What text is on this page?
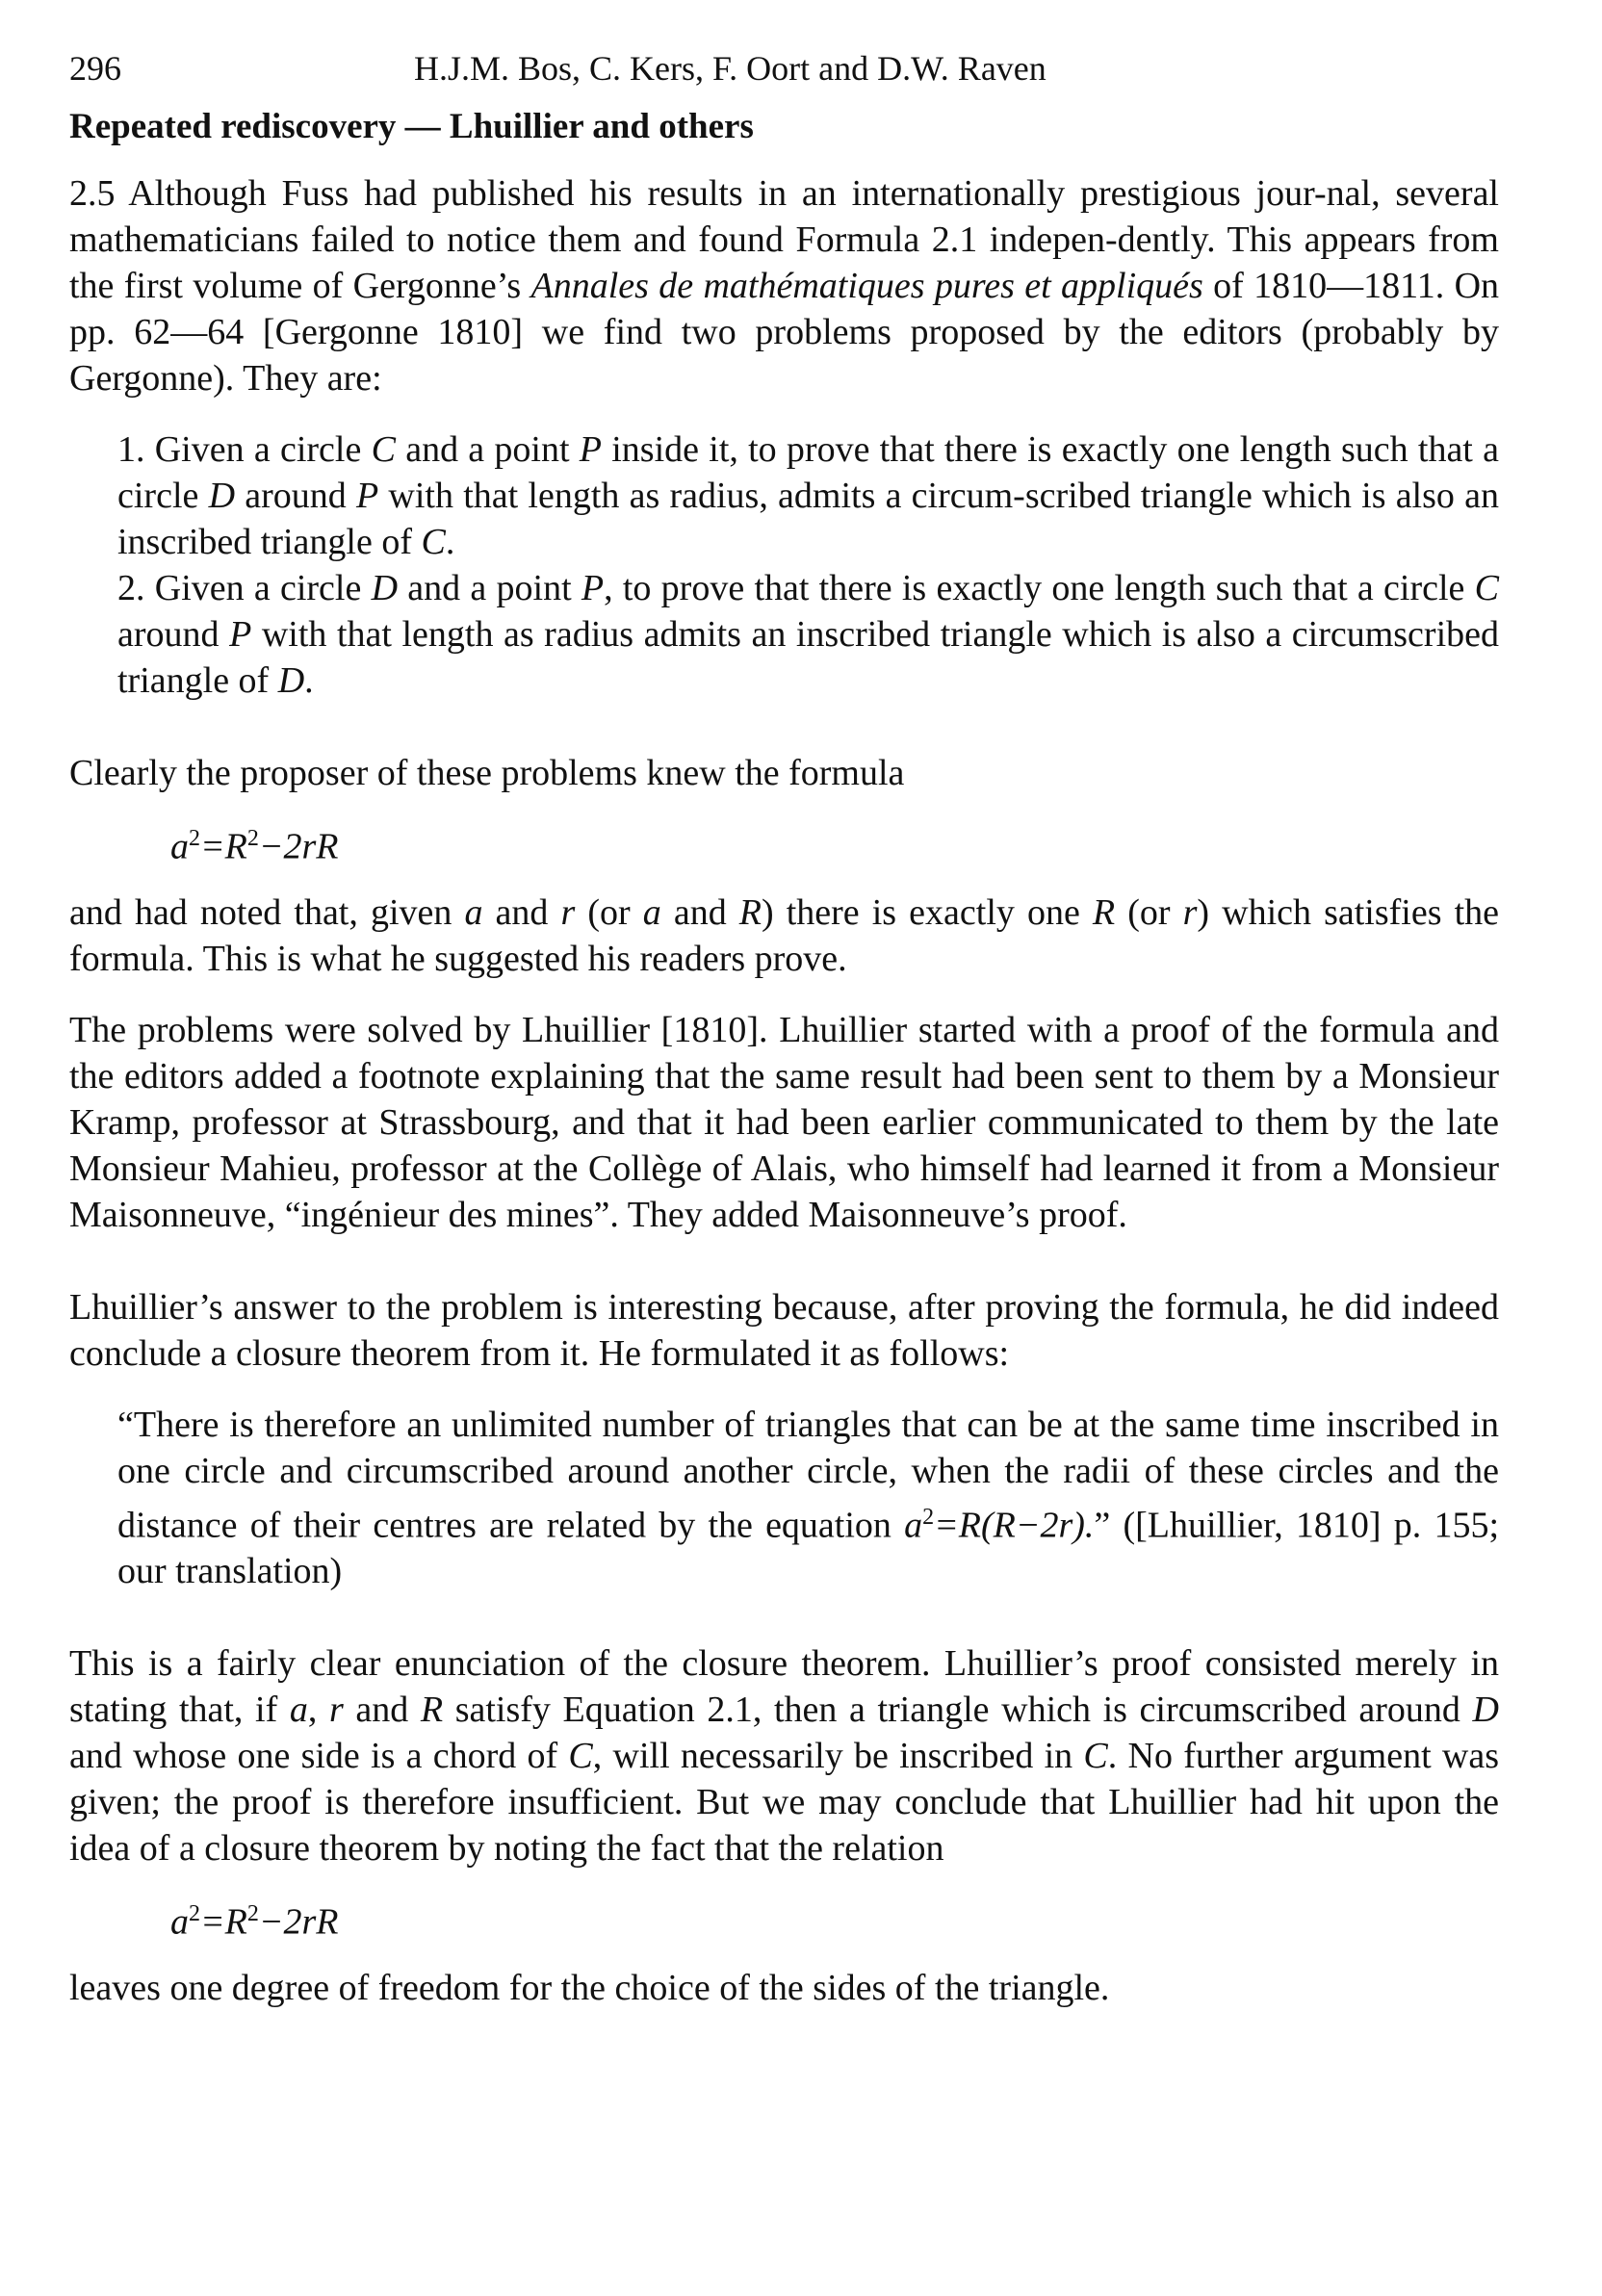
296	H.J.M. Bos, C. Kers, F. Oort and D.W. Raven
Repeated rediscovery — Lhuillier and others

2.5 Although Fuss had published his results in an internationally prestigious jour-nal, several mathematicians failed to notice them and found Formula 2.1 indepen-dently. This appears from the first volume of Gergonne’s Annales de mathématiques pures et appliqués of 1810—1811. On pp. 62—64 [Gergonne 1810] we find two problems proposed by the editors (probably by Gergonne). They are:

1. Given a circle C and a point P inside it, to prove that there is exactly one length such that a circle D around P with that length as radius, admits a circum-scribed triangle which is also an inscribed triangle of C.

2. Given a circle D and a point P, to prove that there is exactly one length such that a circle C around P with that length as radius admits an inscribed triangle which is also a circumscribed triangle of D.

Clearly the proposer of these problems knew the formula

$a^2=R^2-2rR$

and had noted that, given a and r (or a and R) there is exactly one R (or r) which satisfies the formula. This is what he suggested his readers prove.

The problems were solved by Lhuillier [1810]. Lhuillier started with a proof of the formula and the editors added a footnote explaining that the same result had been sent to them by a Monsieur Kramp, professor at Strassbourg, and that it had been earlier communicated to them by the late Monsieur Mahieu, professor at the Collège of Alais, who himself had learned it from a Monsieur Maisonneuve, “ingénieur des mines”. They added Maisonneuve’s proof.

Lhuillier’s answer to the problem is interesting because, after proving the formula, he did indeed conclude a closure theorem from it. He formulated it as follows:

“There is therefore an unlimited number of triangles that can be at the same time inscribed in one circle and circumscribed around another circle, when the radii of these circles and the distance of their centres are related by the equation $a^2=R(R-2r)$.” ([Lhuillier, 1810] p. 155; our translation)

This is a fairly clear enunciation of the closure theorem. Lhuillier’s proof consisted merely in stating that, if a, r and R satisfy Equation 2.1, then a triangle which is circumscribed around D and whose one side is a chord of C, will necessarily be inscribed in C. No further argument was given; the proof is therefore insufficient. But we may conclude that Lhuillier had hit upon the idea of a closure theorem by noting the fact that the relation

$a^2=R^2-2rR$

leaves one degree of freedom for the choice of the sides of the triangle.
